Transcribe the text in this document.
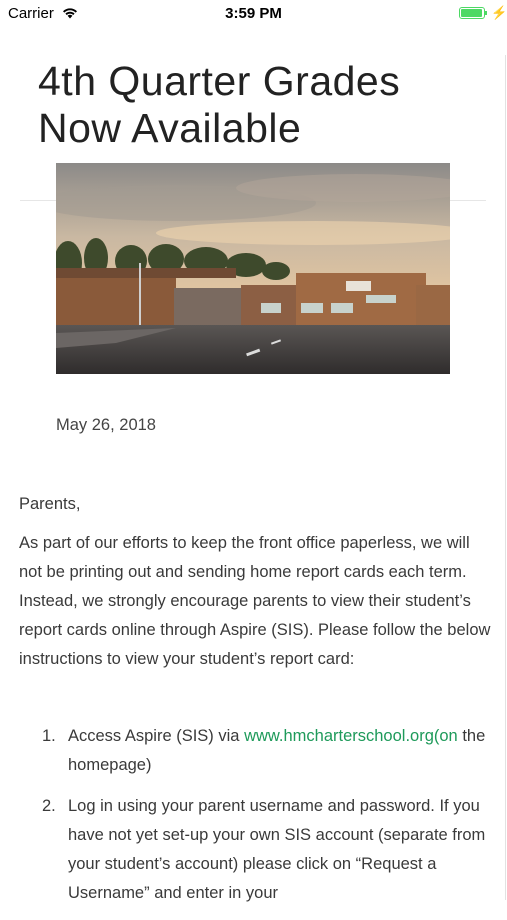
Carrier	3:59 PM	⚡
4th Quarter Grades Now Available
May 26, 2018

Parents,

As part of our efforts to keep the front office paperless, we will not be printing out and sending home report cards each term. Instead, we strongly encourage parents to view their student’s report cards online through Aspire (SIS). Please follow the below instructions to view your student’s report card:

1. Access Aspire (SIS) via www.hmcharterschool.org(on the homepage)
2. Log in using your parent username and password. If you have not yet set-up your own SIS account (separate from your student’s account) please click on “Request a Username” and enter in your
